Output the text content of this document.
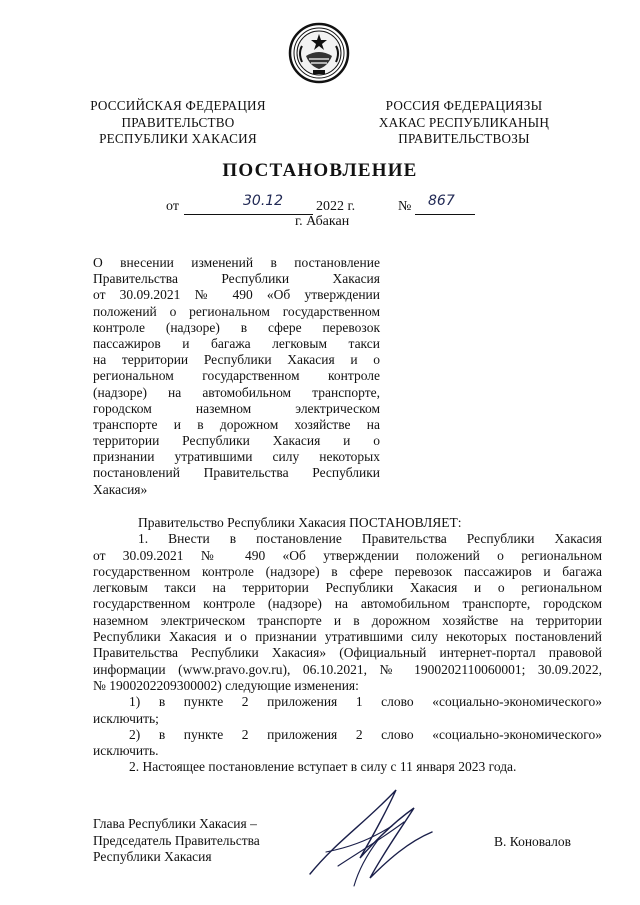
РОССИЙСКАЯ ФЕДЕРАЦИЯ
ПРАВИТЕЛЬСТВО
РЕСПУБЛИКИ ХАКАСИЯ
РОССИЯ ФЕДЕРАЦИЯЗЫ
ХАКАС РЕСПУБЛИКАНЫҢ
ПРАВИТЕЛЬСТВОЗЫ
ПОСТАНОВЛЕНИЕ
от	30.12 2022 г.	№ 867
г. Абакан
О внесении изменений в постановление
Правительства Республики Хакасия
от 30.09.2021 № 490 «Об утверждении
положений о региональном государственном
контроле (надзоре) в сфере перевозок
пассажиров и багажа легковым такси
на территории Республики Хакасия и о
региональном государственном контроле
(надзоре) на автомобильном транспорте,
городском наземном электрическом
транспорте и в дорожном хозяйстве на
территории Республики Хакасия и о
признании утратившими силу некоторых
постановлений Правительства Республики
Хакасия»
Правительство Республики Хакасия ПОСТАНОВЛЯЕТ:
1. Внести в постановление Правительства Республики Хакасия
от 30.09.2021 № 490 «Об утверждении положений о региональном
государственном контроле (надзоре) в сфере перевозок пассажиров и багажа
легковым такси на территории Республики Хакасия и о региональном
государственном контроле (надзоре) на автомобильном транспорте, городском
наземном электрическом транспорте и в дорожном хозяйстве на территории
Республики Хакасия и о признании утратившими силу некоторых постановлений
Правительства Республики Хакасия» (Официальный интернет-портал правовой
информации (www.pravo.gov.ru), 06.10.2021, № 1900202110060001; 30.09.2022,
№ 1900202209300002) следующие изменения:
1) в пункте 2 приложения 1 слово «социально-экономического»
исключить;
2) в пункте 2 приложения 2 слово «социально-экономического»
исключить.
2. Настоящее постановление вступает в силу с 11 января 2023 года.
Глава Республики Хакасия –
Председатель Правительства
Республики Хакасия
В. Коновалов
